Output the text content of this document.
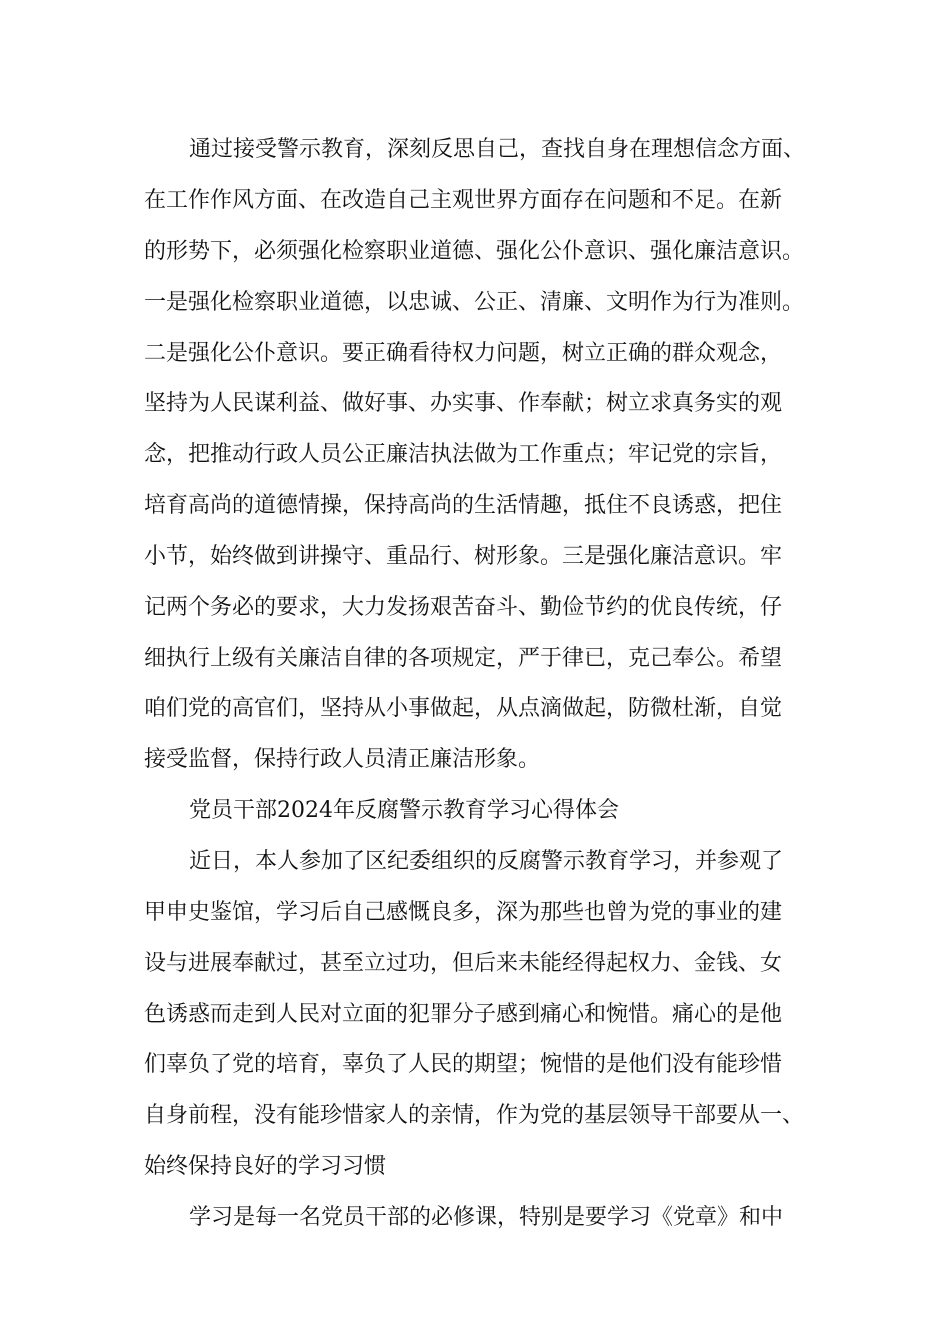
通过接受警示教育，深刻反思自己，查找自身在理想信念方面、
在工作作风方面、在改造自己主观世界方面存在问题和不足。在新
的形势下，必须强化检察职业道德、强化公仆意识、强化廉洁意识。
一是强化检察职业道德，以忠诚、公正、清廉、文明作为行为准则。
二是强化公仆意识。要正确看待权力问题，树立正确的群众观念，
坚持为人民谋利益、做好事、办实事、作奉献；树立求真务实的观
念，把推动行政人员公正廉洁执法做为工作重点；牢记党的宗旨，
培育高尚的道德情操，保持高尚的生活情趣，抵住不良诱惑，把住
小节，始终做到讲操守、重品行、树形象。三是强化廉洁意识。牢
记两个务必的要求，大力发扬艰苦奋斗、勤俭节约的优良传统，仔
细执行上级有关廉洁自律的各项规定，严于律已，克己奉公。希望
咱们党的高官们，坚持从小事做起，从点滴做起，防微杜渐，自觉
接受监督，保持行政人员清正廉洁形象。
党员干部2024年反腐警示教育学习心得体会
近日，本人参加了区纪委组织的反腐警示教育学习，并参观了
甲申史鉴馆，学习后自己感慨良多，深为那些也曾为党的事业的建
设与进展奉献过，甚至立过功，但后来未能经得起权力、金钱、女
色诱惑而走到人民对立面的犯罪分子感到痛心和惋惜。痛心的是他
们辜负了党的培育，辜负了人民的期望；惋惜的是他们没有能珍惜
自身前程，没有能珍惜家人的亲情，作为党的基层领导干部要从一、
始终保持良好的学习习惯
学习是每一名党员干部的必修课，特别是要学习《党章》和中
